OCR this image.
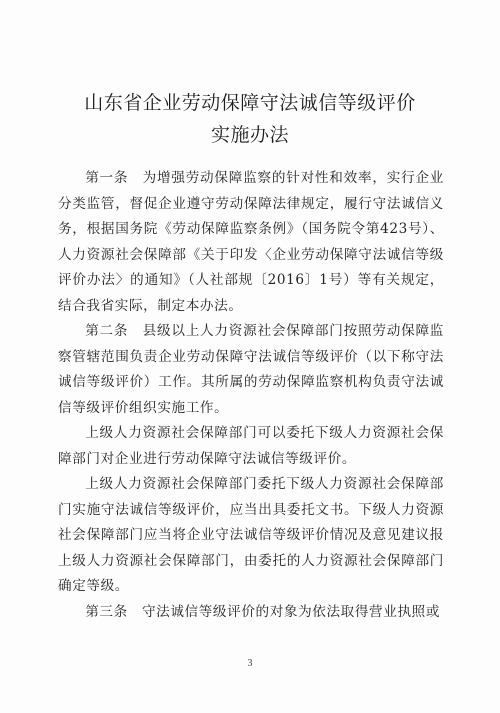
山东省企业劳动保障守法诚信等级评价
实施办法

第一条　为增强劳动保障监察的针对性和效率，实行企业分类监管，督促企业遵守劳动保障法律规定，履行守法诚信义务，根据国务院《劳动保障监察条例》（国务院令第423号）、人力资源社会保障部《关于印发〈企业劳动保障守法诚信等级评价办法〉的通知》（人社部规〔2016〕1号）等有关规定，结合我省实际，制定本办法。

第二条　县级以上人力资源社会保障部门按照劳动保障监察管辖范围负责企业劳动保障守法诚信等级评价（以下称守法诚信等级评价）工作。其所属的劳动保障监察机构负责守法诚信等级评价组织实施工作。

上级人力资源社会保障部门可以委托下级人力资源社会保障部门对企业进行劳动保障守法诚信等级评价。

上级人力资源社会保障部门委托下级人力资源社会保障部门实施守法诚信等级评价，应当出具委托文书。下级人力资源社会保障部门应当将企业守法诚信等级评价情况及意见建议报上级人力资源社会保障部门，由委托的人力资源社会保障部门确定等级。

第三条　守法诚信等级评价的对象为依法取得营业执照或

3
